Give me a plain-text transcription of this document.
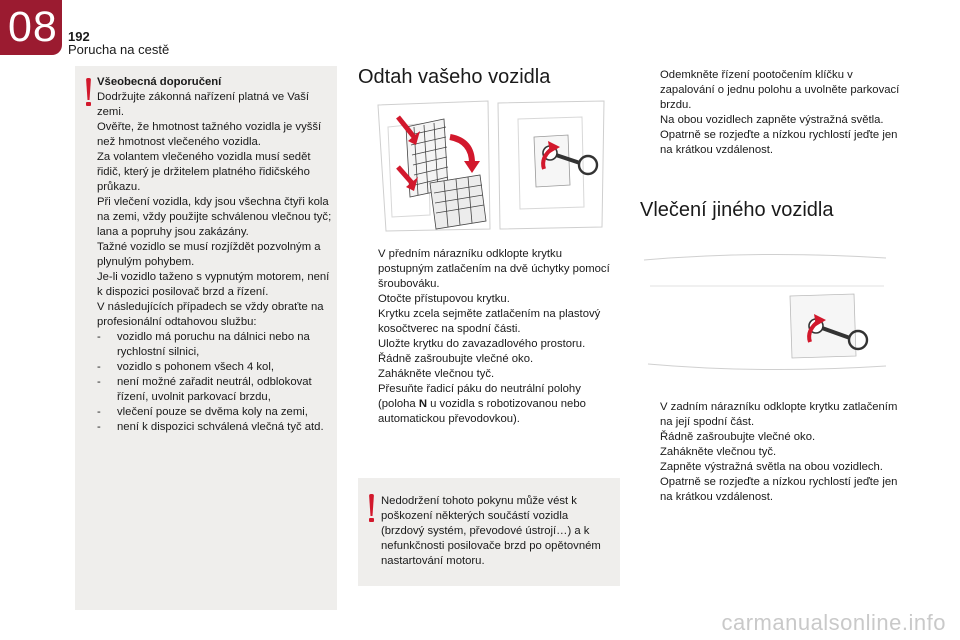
08 192
Porucha na cestě
Všeobecná doporučení
Dodržujte zákonná nařízení platná ve Vaší zemi.
Ověřte, že hmotnost tažného vozidla je vyšší než hmotnost vlečeného vozidla.
Za volantem vlečeného vozidla musí sedět řidič, který je držitelem platného řidičského průkazu.
Při vlečení vozidla, kdy jsou všechna čtyři kola na zemi, vždy použijte schválenou vlečnou tyč; lana a popruhy jsou zakázány.
Tažné vozidlo se musí rozjíždět pozvolným a plynulým pohybem.
Je-li vozidlo taženo s vypnutým motorem, není k dispozici posilovač brzd a řízení.
V následujících případech se vždy obraťte na profesionální odtahovou službu:
- vozidlo má poruchu na dálnici nebo na rychlostní silnici,
- vozidlo s pohonem všech 4 kol,
- není možné zařadit neutrál, odblokovat řízení, uvolnit parkovací brzdu,
- vlečení pouze se dvěma koly na zemi,
- není k dispozici schválená vlečná tyč atd.
Odtah vašeho vozidla
V předním nárazníku odklopte krytku postupným zatlačením na dvě úchytky pomocí šroubováku.
Otočte přístupovou krytku.
Krytku zcela sejměte zatlačením na plastový kosočtverec na spodní části.
Uložte krytku do zavazadlového prostoru.
Řádně zašroubujte vlečné oko.
Zahákněte vlečnou tyč.
Přesuňte řadicí páku do neutrální polohy (poloha N u vozidla s robotizovanou nebo automatickou převodovkou).
Nedodržení tohoto pokynu může vést k poškození některých součástí vozidla (brzdový systém, převodové ústrojí…) a k nefunkčnosti posilovače brzd po opětovném nastartování motoru.
Odemkněte řízení pootočením klíčku v zapalování o jednu polohu a uvolněte parkovací brzdu.
Na obou vozidlech zapněte výstražná světla.
Opatrně se rozjeďte a nízkou rychlostí jeďte jen na krátkou vzdálenost.
Vlečení jiného vozidla
V zadním nárazníku odklopte krytku zatlačením na její spodní část.
Řádně zašroubujte vlečné oko.
Zahákněte vlečnou tyč.
Zapněte výstražná světla na obou vozidlech.
Opatrně se rozjeďte a nízkou rychlostí jeďte jen na krátkou vzdálenost.
carmanualsonline.info
